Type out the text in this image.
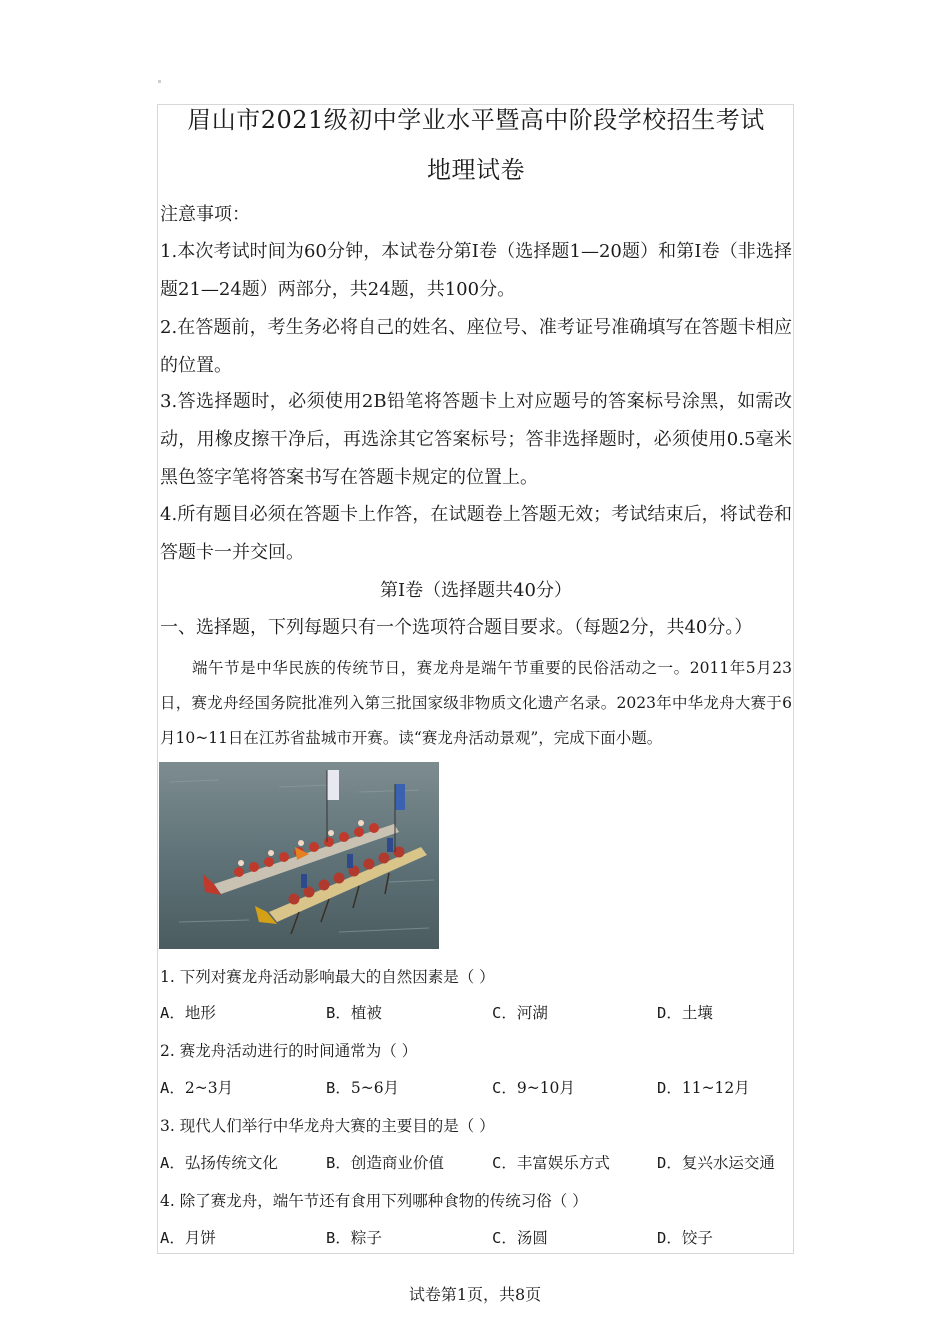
眉山市2021级初中学业水平暨高中阶段学校招生考试
地理试卷
注意事项：
1.本次考试时间为60分钟，本试卷分第Ⅰ卷（选择题1—20题）和第Ⅰ卷（非选择题21—24题）两部分，共24题，共100分。
2.在答题前，考生务必将自己的姓名、座位号、准考证号准确填写在答题卡相应的位置。
3.答选择题时，必须使用2B铅笔将答题卡上对应题号的答案标号涂黑，如需改动，用橡皮擦干净后，再选涂其它答案标号；答非选择题时，必须使用0.5毫米黑色签字笔将答案书写在答题卡规定的位置上。
4.所有题目必须在答题卡上作答，在试题卷上答题无效；考试结束后，将试卷和答题卡一并交回。
第Ⅰ卷（选择题共40分）
一、选择题，下列每题只有一个选项符合题目要求。（每题2分，共40分。）
端午节是中华民族的传统节日，赛龙舟是端午节重要的民俗活动之一。2011年5月23日，赛龙舟经国务院批准列入第三批国家级非物质文化遗产名录。2023年中华龙舟大赛于6月10~11日在江苏省盐城市开赛。读“赛龙舟活动景观”，完成下面小题。
1. 下列对赛龙舟活动影响最大的自然因素是（ ）
A．地形	B．植被	C．河湖	D．土壤
2. 赛龙舟活动进行的时间通常为（ ）
A．2~3月	B．5~6月	C．9~10月	D．11~12月
3. 现代人们举行中华龙舟大赛的主要目的是（ ）
A．弘扬传统文化	B．创造商业价值	C．丰富娱乐方式	D．复兴水运交通
4. 除了赛龙舟，端午节还有食用下列哪种食物的传统习俗（ ）
A．月饼	B．粽子	C．汤圆	D．饺子
试卷第1页，共8页
